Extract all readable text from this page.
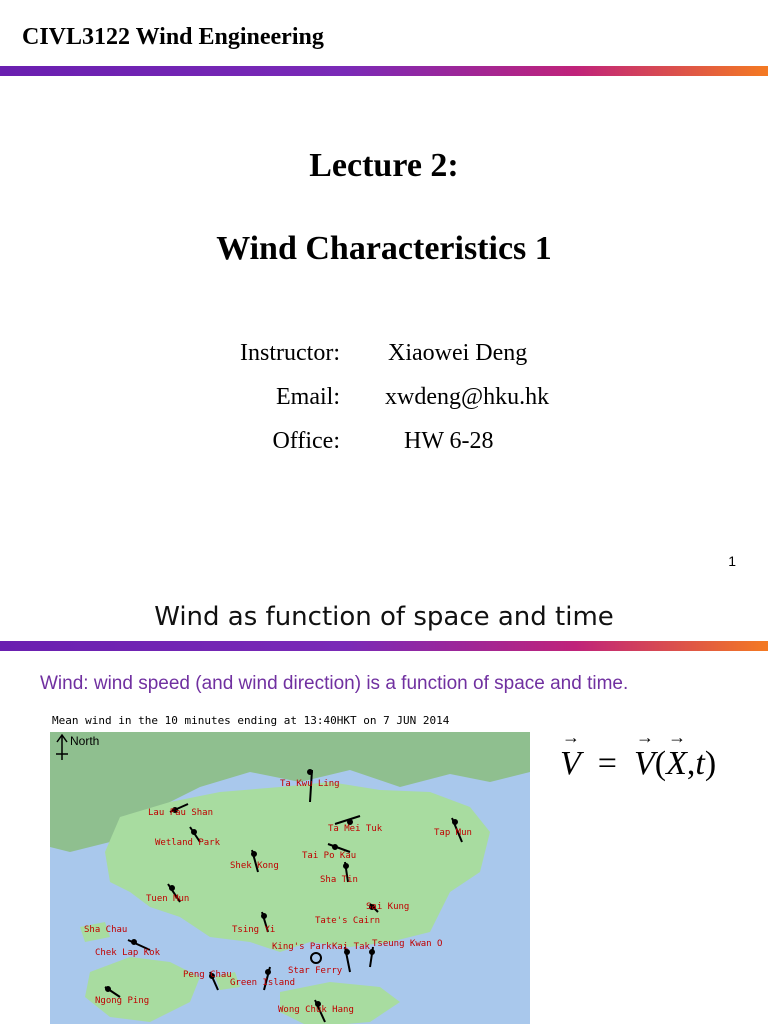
CIVL3122 Wind Engineering
Lecture 2:
Wind Characteristics 1
Instructor: Xiaowei Deng
Email: xwdeng@hku.hk
Office:	HW 6-28
1
Wind as function of space and time
Wind: wind speed (and wind direction) is a function of space and time.
Mean wind in the 10 minutes ending at 13:40HKT on 7 JUN 2014
North
Ta Kwu Ling
Lau Fau Shan
Ta Mei Tuk	Tap Mun
Wetland Park
Shek Kong
Tai Po Kau
Sha Tin
Tuen Mun
Tate's Cairn
Sai Kung
Sha Chau	Tsing Yi
King's Park Kai Tak Tseung Kwan O
Chek Lap Kok
Star Ferry
Peng Chau
Green Island
Ngong Ping
Wong Chuk Hang
→ V  =  → V(→ X,t)
